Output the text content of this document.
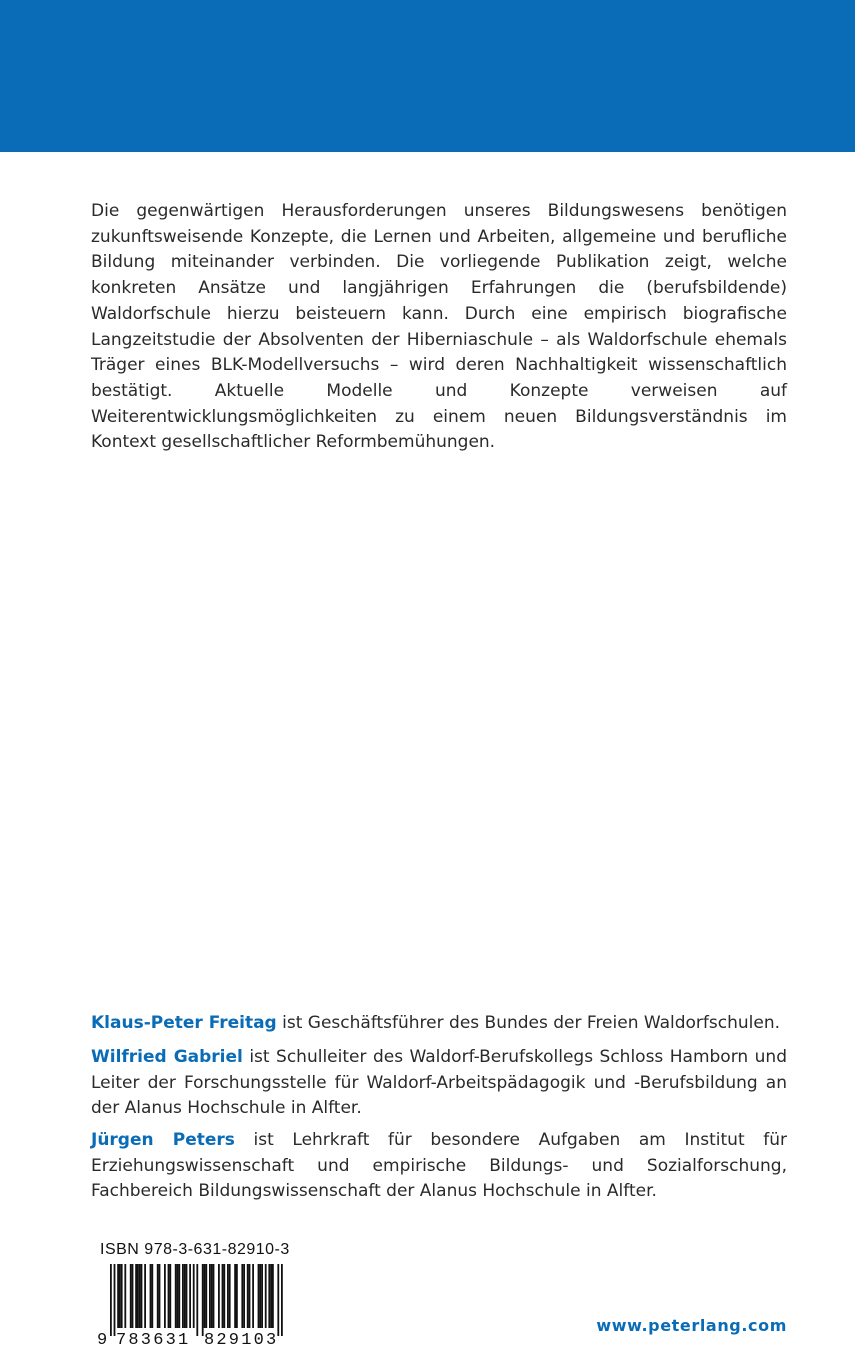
Die gegenwärtigen Herausforderungen unseres Bildungswesens benötigen zukunftsweisende Konzepte, die Lernen und Arbeiten, allgemeine und berufliche Bildung miteinander verbinden. Die vorliegende Publikation zeigt, welche konkreten Ansätze und langjährigen Erfahrungen die (berufsbildende) Waldorfschule hierzu beisteuern kann. Durch eine empirisch biografische Langzeitstudie der Absolventen der Hiberniaschule – als Waldorfschule ehemals Träger eines BLK-Modellversuchs – wird deren Nachhaltigkeit wissenschaftlich bestätigt. Aktuelle Modelle und Konzepte verweisen auf Weiterentwicklungsmöglichkeiten zu einem neuen Bildungsverständnis im Kontext gesellschaftlicher Reformbemühungen.

Klaus-Peter Freitag ist Geschäftsführer des Bundes der Freien Waldorfschulen.

Wilfried Gabriel ist Schulleiter des Waldorf-Berufskollegs Schloss Hamborn und Leiter der Forschungsstelle für Waldorf-Arbeitspädagogik und -Berufsbildung an der Alanus Hochschule in Alfter.

Jürgen Peters ist Lehrkraft für besondere Aufgaben am Institut für Erziehungswissenschaft und empirische Bildungs- und Sozialforschung, Fachbereich Bildungswissenschaft der Alanus Hochschule in Alfter.

ISBN 978-3-631-82910-3
9 783631 829103
www.peterlang.com
